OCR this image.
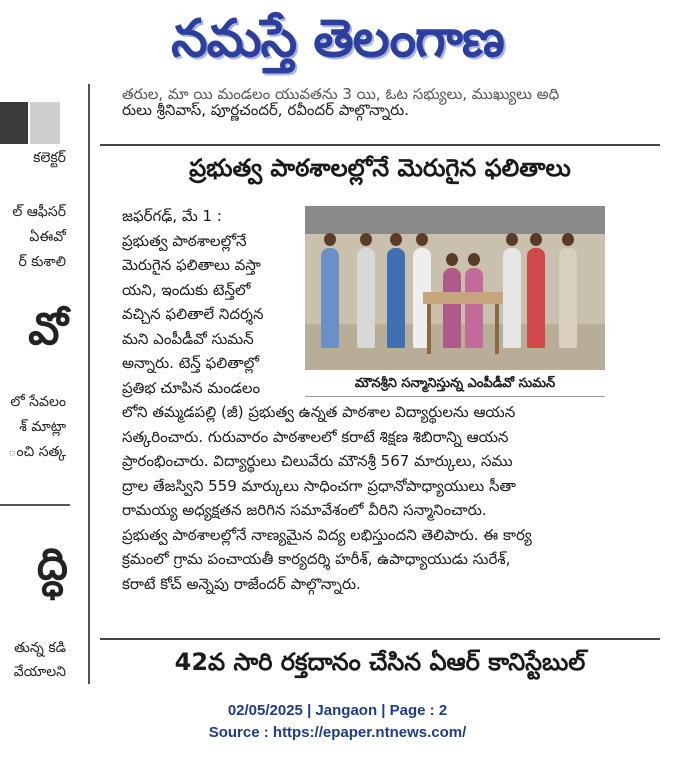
నమస్తే తెలంగాణ
కలెక్టర్
ల్ ఆఫీసర్
ఏఈవో
ర్ కుశాలి
వో
లో సేవలం
శ్ మాట్లా
ంచి సత్క
ద్ధి
తున్న కడి
వేయాలని
తరుల, మా యి మండలం యువతను 3 యి, ఓట సభ్యులు, ముఖ్యులు అధి
రులు శ్రీనివాస్, పూర్ణచందర్, రవీందర్ పాల్గొన్నారు.
ప్రభుత్వ పాఠశాలల్లోనే మెరుగైన ఫలితాలు
జఫర్‌గఢ్, మే 1 :
ప్రభుత్వ పాఠశాలల్లోనే
మెరుగైన ఫలితాలు వస్తా
యని, ఇందుకు టెన్త్‌లో
వచ్చిన ఫలితాలే నిదర్శన
మని ఎంపీడీవో సుమన్
అన్నారు. టెన్త్ ఫలితాల్లో
ప్రతిభ చూపిన మండలం
లోని తమ్మడపల్లి (జీ) ప్రభుత్వ ఉన్నత పాఠశాల విద్యార్థులను ఆయన
సత్కరించారు. గురువారం పాఠశాలలో కరాటే శిక్షణ శిబిరాన్ని ఆయన
ప్రారంభించారు. విద్యార్థులు చిలువేరు మౌనశ్రీ 567 మార్కులు, సము
ద్రాల తేజస్విని 559 మార్కులు సాధించగా ప్రధానోపాధ్యాయులు సీతా
రామయ్య అధ్యక్షతన జరిగిన సమావేశంలో వీరిని సన్మానించారు.
ప్రభుత్వ పాఠశాలల్లోనే నాణ్యమైన విద్య లభిస్తుందని తెలిపారు. ఈ కార్య
క్రమంలో గ్రామ పంచాయతీ కార్యదర్శి హరీశ్, ఉపాధ్యాయుడు సురేశ్,
కరాటే కోచ్ అన్నెపు రాజేందర్ పాల్గొన్నారు.
మౌనశ్రీని సన్మానిస్తున్న ఎంపీడీవో సుమన్
42వ సారి రక్తదానం చేసిన ఏఆర్ కానిస్టేబుల్
02/05/2025 | Jangaon | Page : 2
Source : https://epaper.ntnews.com/
